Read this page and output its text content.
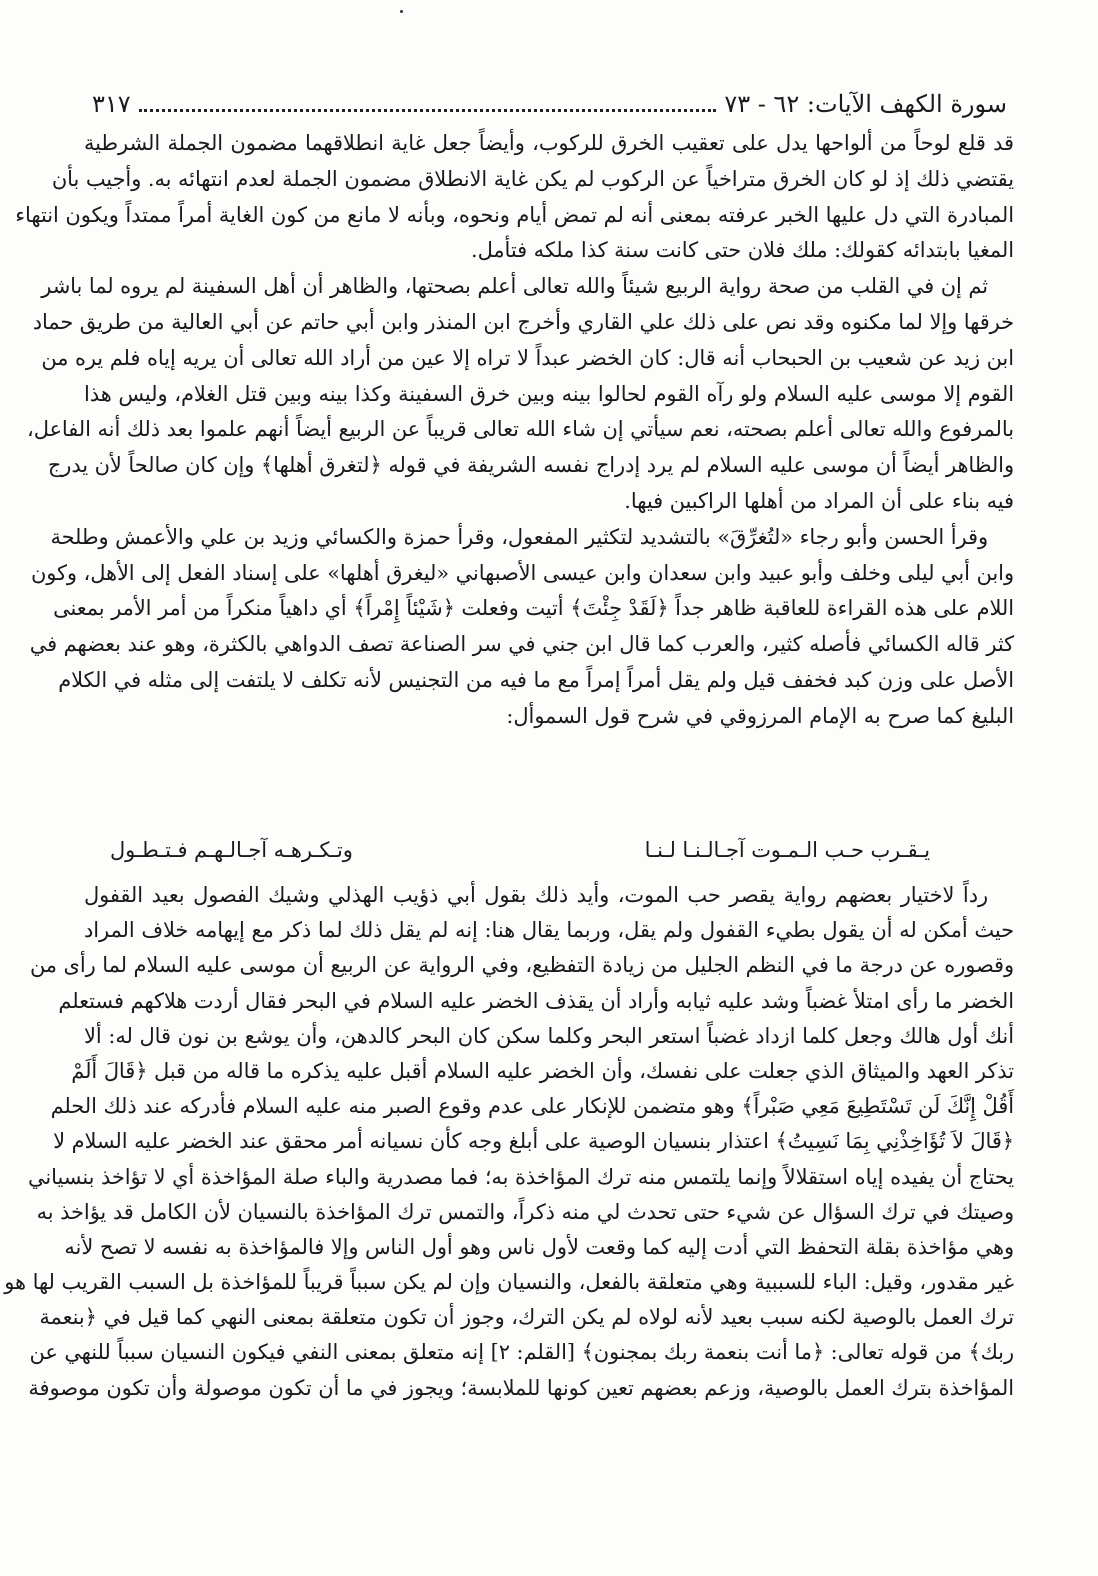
سورة الكهف الآيات: ٦٢ - ٧٣
٣١٧
قد قلع لوحاً من ألواحها يدل على تعقيب الخرق للركوب، وأيضاً جعل غاية انطلاقهما مضمون الجملة الشرطية
يقتضي ذلك إذ لو كان الخرق متراخياً عن الركوب لم يكن غاية الانطلاق مضمون الجملة لعدم انتهائه به. وأجيب بأن
المبادرة التي دل عليها الخبر عرفته بمعنى أنه لم تمض أيام ونحوه، وبأنه لا مانع من كون الغاية أمراً ممتداً ويكون انتهاء
المغيا بابتدائه كقولك: ملك فلان حتى كانت سنة كذا ملكه فتأمل.
ثم إن في القلب من صحة رواية الربيع شيئاً والله تعالى أعلم بصحتها، والظاهر أن أهل السفينة لم يروه لما باشر
خرقها وإلا لما مكنوه وقد نص على ذلك علي القاري وأخرج ابن المنذر وابن أبي حاتم عن أبي العالية من طريق حماد
ابن زيد عن شعيب بن الحبحاب أنه قال: كان الخضر عبداً لا تراه إلا عين من أراد الله تعالى أن يريه إياه فلم يره من
القوم إلا موسى عليه السلام ولو رآه القوم لحالوا بينه وبين خرق السفينة وكذا بينه وبين قتل الغلام، وليس هذا
بالمرفوع والله تعالى أعلم بصحته، نعم سيأتي إن شاء الله تعالى قريباً عن الربيع أيضاً أنهم علموا بعد ذلك أنه الفاعل،
والظاهر أيضاً أن موسى عليه السلام لم يرد إدراج نفسه الشريفة في قوله ﴿لتغرق أهلها﴾ وإن كان صالحاً لأن يدرج
فيه بناء على أن المراد من أهلها الراكبين فيها.
وقرأ الحسن وأبو رجاء «لتُغرِّقَ» بالتشديد لتكثير المفعول، وقرأ حمزة والكسائي وزيد بن علي والأعمش وطلحة
وابن أبي ليلى وخلف وأبو عبيد وابن سعدان وابن عيسى الأصبهاني «ليغرق أهلها» على إسناد الفعل إلى الأهل، وكون
اللام على هذه القراءة للعاقبة ظاهر جداً ﴿لَقَدْ جِئْتَ﴾ أتيت وفعلت ﴿شَيْئاً إِمْراً﴾ أي داهياً منكراً من أمر الأمر بمعنى
كثر قاله الكسائي فأصله كثير، والعرب كما قال ابن جني في سر الصناعة تصف الدواهي بالكثرة، وهو عند بعضهم في
الأصل على وزن كبد فخفف قيل ولم يقل أمراً إمراً مع ما فيه من التجنيس لأنه تكلف لا يلتفت إلى مثله في الكلام
البليغ كما صرح به الإمام المرزوقي في شرح قول السموأل:
يـقـرب حـب الـمـوت آجـالـنـا لـنـا
وتـكـرهـه آجـالـهـم فـتـطـول
رداً لاختيار بعضهم رواية يقصر حب الموت، وأيد ذلك بقول أبي ذؤيب الهذلي وشيك الفصول بعيد القفول
حيث أمكن له أن يقول بطيء القفول ولم يقل، وربما يقال هنا: إنه لم يقل ذلك لما ذكر مع إيهامه خلاف المراد
وقصوره عن درجة ما في النظم الجليل من زيادة التفظيع، وفي الرواية عن الربيع أن موسى عليه السلام لما رأى من
الخضر ما رأى امتلأ غضباً وشد عليه ثيابه وأراد أن يقذف الخضر عليه السلام في البحر فقال أردت هلاكهم فستعلم
أنك أول هالك وجعل كلما ازداد غضباً استعر البحر وكلما سكن كان البحر كالدهن، وأن يوشع بن نون قال له: ألا
تذكر العهد والميثاق الذي جعلت على نفسك، وأن الخضر عليه السلام أقبل عليه يذكره ما قاله من قبل ﴿قَالَ أَلَمْ
أَقُلْ إِنَّكَ لَن تَسْتَطِيعَ مَعِي صَبْراً﴾ وهو متضمن للإنكار على عدم وقوع الصبر منه عليه السلام فأدركه عند ذلك الحلم
﴿قَالَ لاَ تُؤَاخِذْنِي بِمَا نَسِيتُ﴾ اعتذار بنسيان الوصية على أبلغ وجه كأن نسيانه أمر محقق عند الخضر عليه السلام لا
يحتاج أن يفيده إياه استقلالاً وإنما يلتمس منه ترك المؤاخذة به؛ فما مصدرية والباء صلة المؤاخذة أي لا تؤاخذ بنسياني
وصيتك في ترك السؤال عن شيء حتى تحدث لي منه ذكراً، والتمس ترك المؤاخذة بالنسيان لأن الكامل قد يؤاخذ به
وهي مؤاخذة بقلة التحفظ التي أدت إليه كما وقعت لأول ناس وهو أول الناس وإلا فالمؤاخذة به نفسه لا تصح لأنه
غير مقدور، وقيل: الباء للسببية وهي متعلقة بالفعل، والنسيان وإن لم يكن سبباً قريباً للمؤاخذة بل السبب القريب لها هو
ترك العمل بالوصية لكنه سبب بعيد لأنه لولاه لم يكن الترك، وجوز أن تكون متعلقة بمعنى النهي كما قيل في ﴿بنعمة
ربك﴾ من قوله تعالى: ﴿ما أنت بنعمة ربك بمجنون﴾ [القلم: ٢] إنه متعلق بمعنى النفي فيكون النسيان سبباً للنهي عن
المؤاخذة بترك العمل بالوصية، وزعم بعضهم تعين كونها للملابسة؛ ويجوز في ما أن تكون موصولة وأن تكون موصوفة
